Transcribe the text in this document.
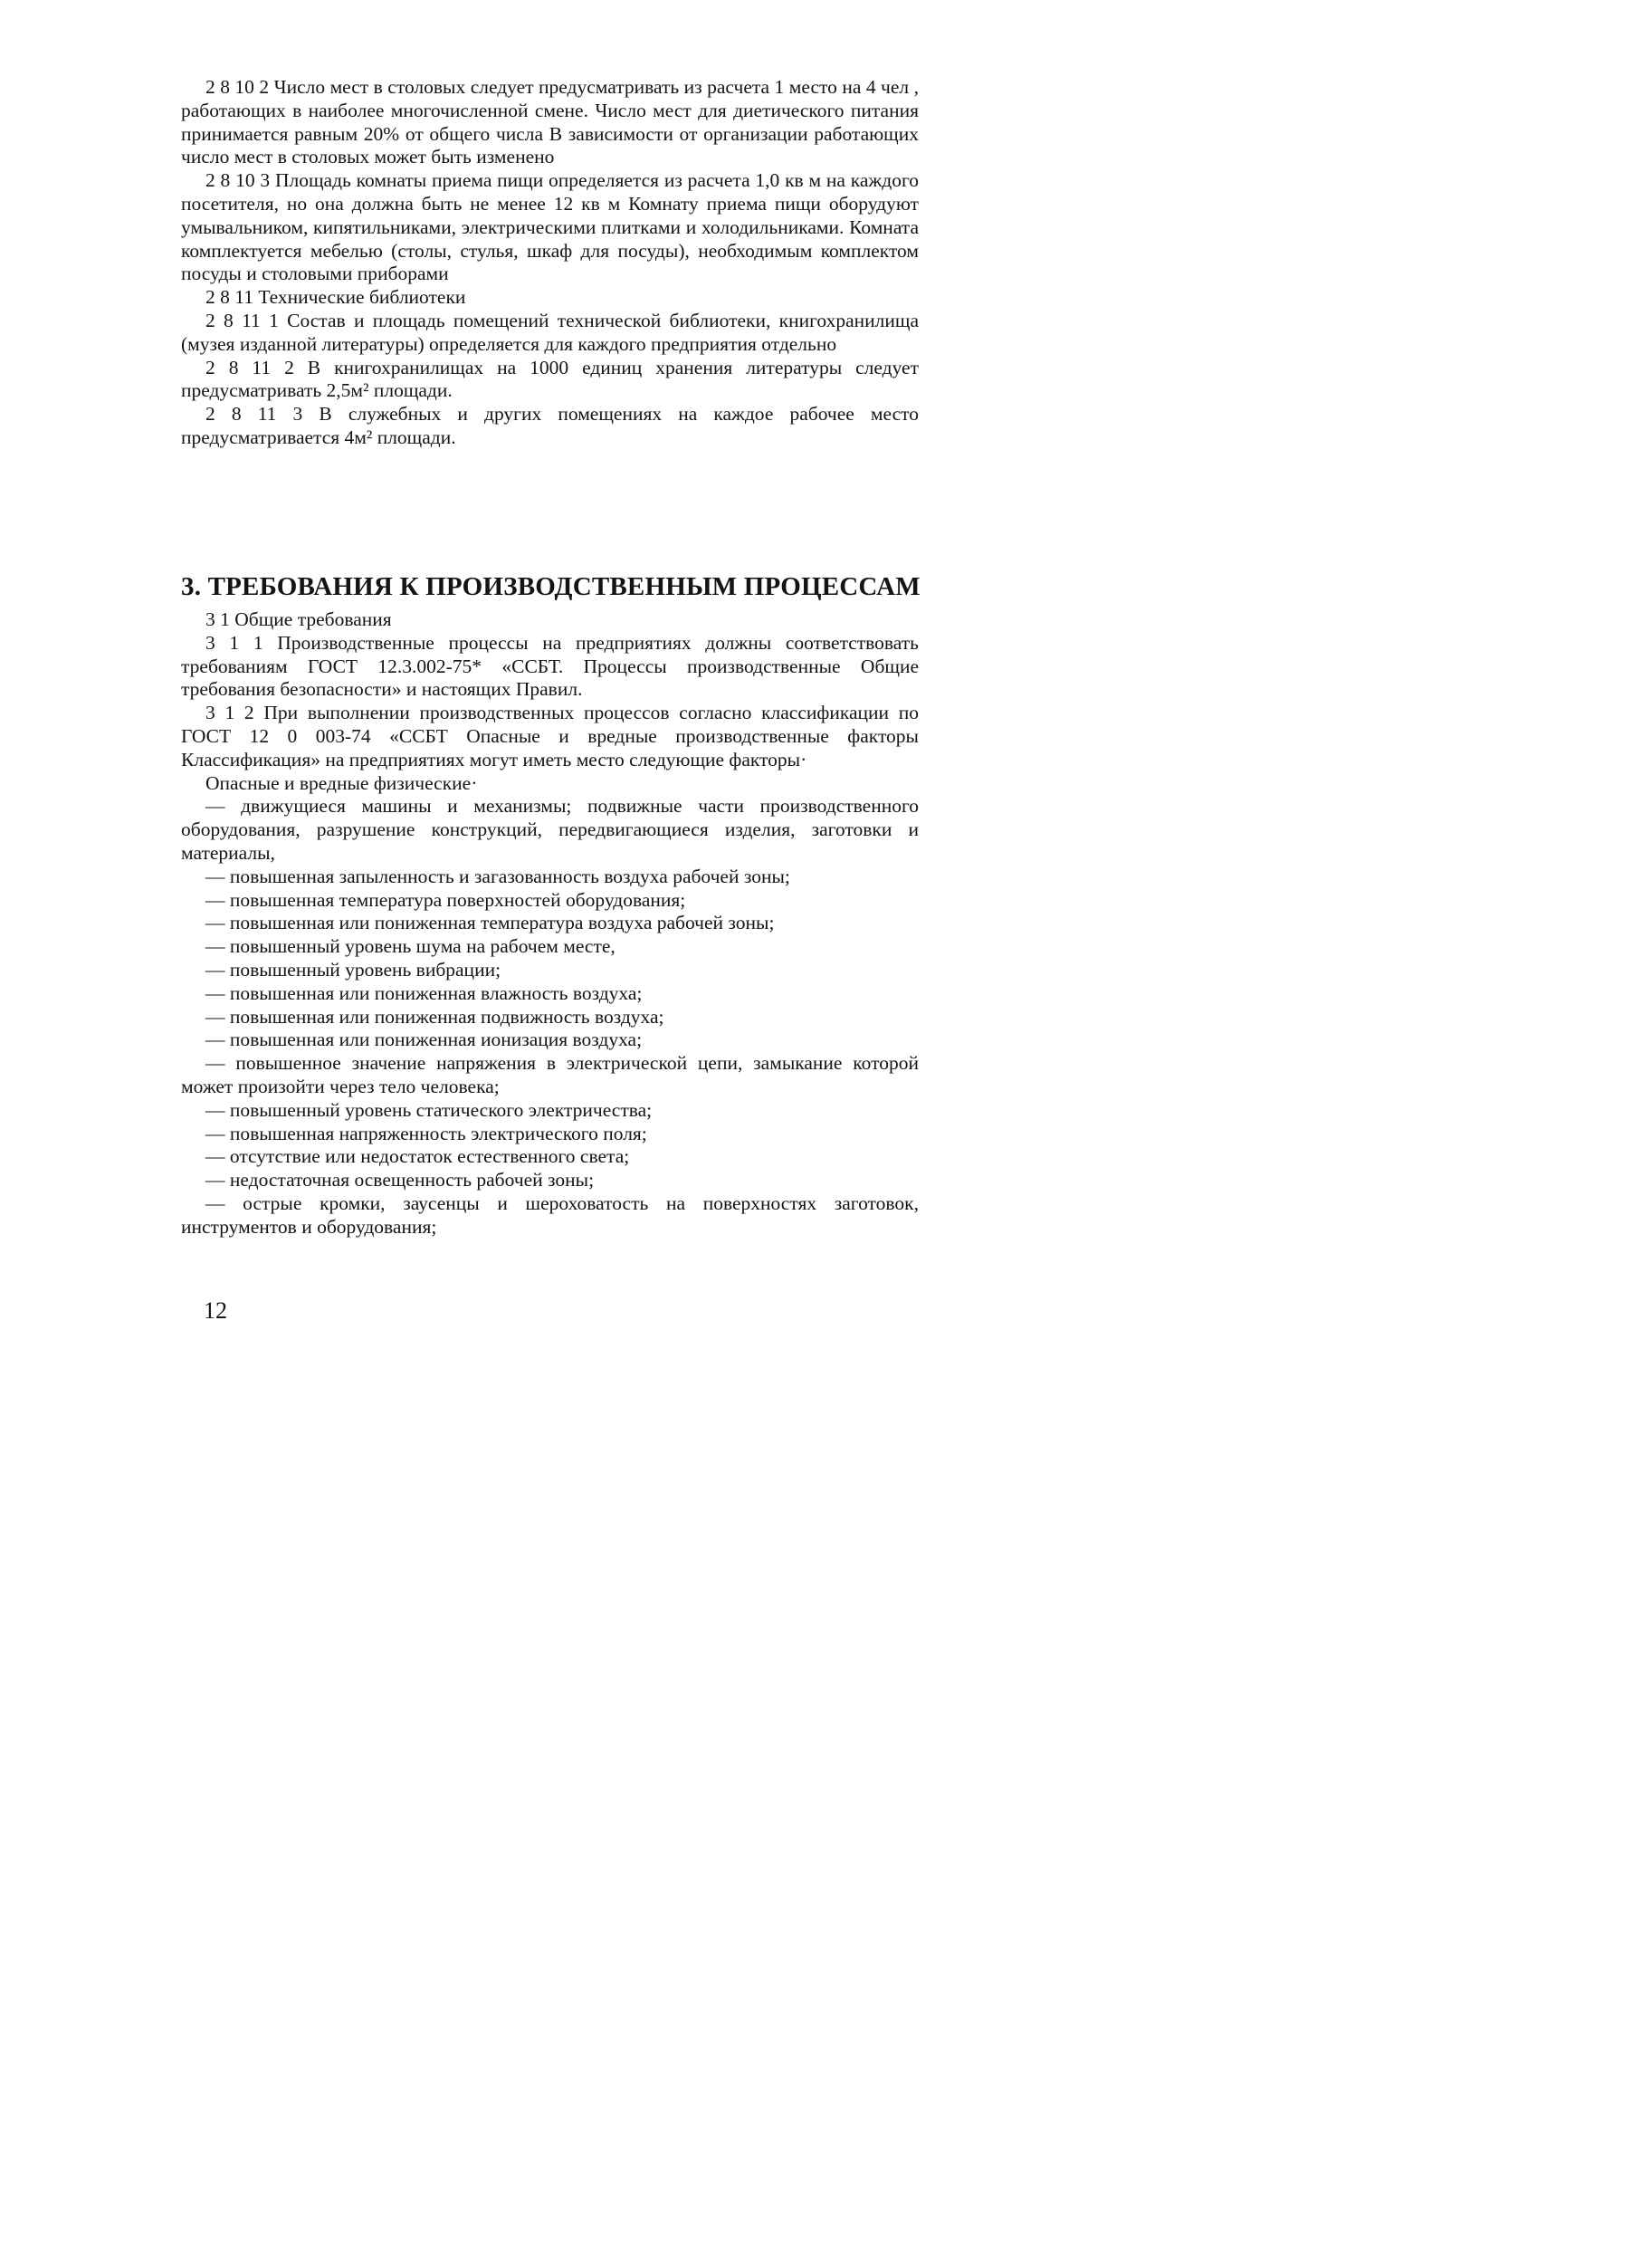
2 8 10 2 Число мест в столовых следует предусматривать из расчета 1 место на 4 чел , работающих в наиболее многочисленной смене. Число мест для диетического питания принимается равным 20% от общего числа В зависимости от организации работающих число мест в столовых может быть изменено

2 8 10 3 Площадь комнаты приема пищи определяется из расчета 1,0 кв м на каждого посетителя, но она должна быть не менее 12 кв м Комнату приема пищи оборудуют умывальником, кипятильниками, электрическими плитками и холодильниками. Комната комплектуется мебелью (столы, стулья, шкаф для посуды), необходимым комплектом посуды и столовыми приборами

2 8 11 Технические библиотеки

2 8 11 1 Состав и площадь помещений технической библиотеки, книгохранилища (музея изданной литературы) определяется для каждого предприятия отдельно

2 8 11 2 В книгохранилищах на 1000 единиц хранения литературы следует предусматривать 2,5м² площади.

2 8 11 3 В служебных и других помещениях на каждое рабочее место предусматривается 4м² площади.

3. ТРЕБОВАНИЯ К ПРОИЗВОДСТВЕННЫМ ПРОЦЕССАМ

3 1 Общие требования

3 1 1 Производственные процессы на предприятиях должны соответствовать требованиям ГОСТ 12.3.002-75* «ССБТ. Процессы производственные Общие требования безопасности» и настоящих Правил.

3 1 2 При выполнении производственных процессов согласно классификации по ГОСТ 12 0 003-74 «ССБТ Опасные и вредные производственные факторы Классификация» на предприятиях могут иметь место следующие факторы·

Опасные и вредные физические·

— движущиеся машины и механизмы; подвижные части производственного оборудования, разрушение конструкций, передвигающиеся изделия, заготовки и материалы,

— повышенная запыленность и загазованность воздуха рабочей зоны;

— повышенная температура поверхностей оборудования;

— повышенная или пониженная температура воздуха рабочей зоны;

— повышенный уровень шума на рабочем месте,

— повышенный уровень вибрации;

— повышенная или пониженная влажность воздуха;

— повышенная или пониженная подвижность воздуха;

— повышенная или пониженная ионизация воздуха;

— повышенное значение напряжения в электрической цепи, замыкание которой может произойти через тело человека;

— повышенный уровень статического электричества;

— повышенная напряженность электрического поля;

— отсутствие или недостаток естественного света;

— недостаточная освещенность рабочей зоны;

— острые кромки, заусенцы и шероховатость на поверхностях заготовок, инструментов и оборудования;

12
